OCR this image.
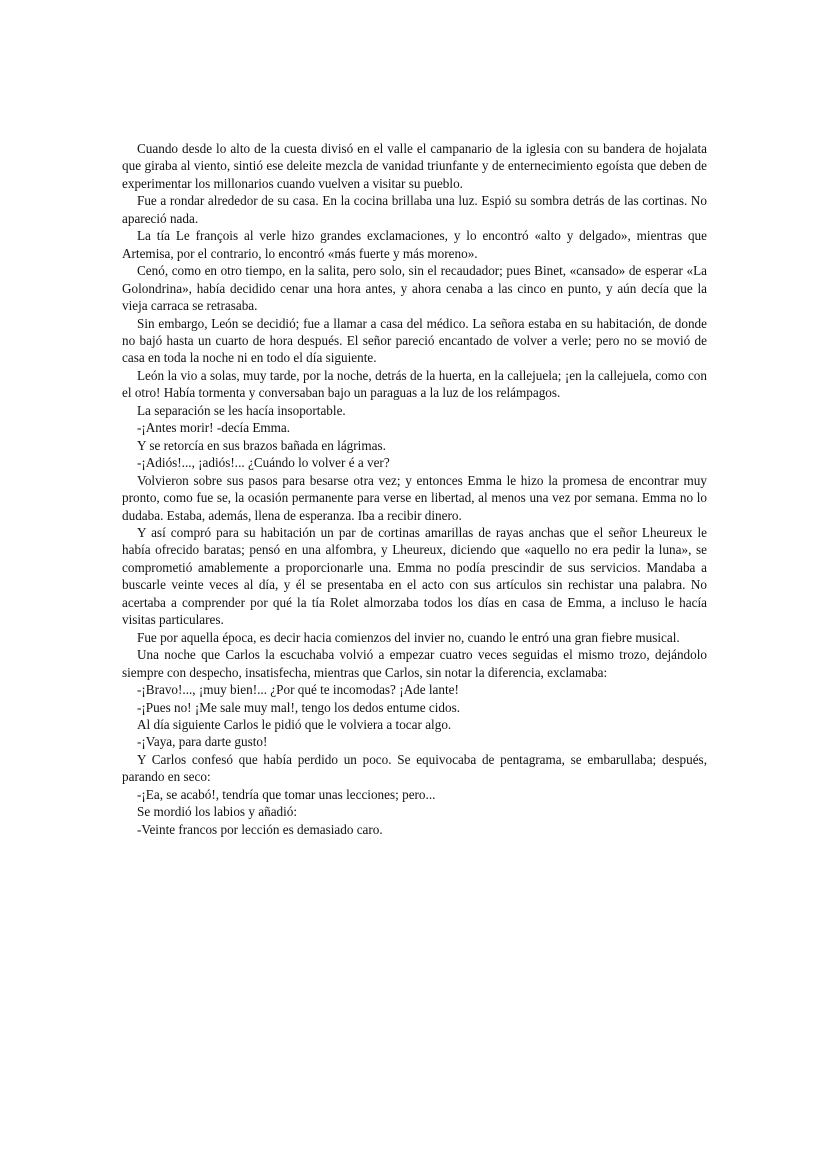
Cuando desde lo alto de la cuesta divisó en el valle el campanario de la iglesia con su bandera de hojalata que giraba al viento, sintió ese deleite mezcla de vanidad triunfante y de enternecimiento egoísta que deben de experimentar los millonarios cuando vuelven a visitar su pueblo.

Fue a rondar alrededor de su casa. En la cocina brillaba una luz. Espió su sombra detrás de las cortinas. No apareció nada.

La tía Le françois al verle hizo grandes exclamaciones, y lo encontró «alto y delgado», mientras que Artemisa, por el contrario, lo encontró «más fuerte y más moreno».

Cenó, como en otro tiempo, en la salita, pero solo, sin el recaudador; pues Binet, «cansado» de esperar «La Golondrina», había decidido cenar una hora antes, y ahora cenaba a las cinco en punto, y aún decía que la vieja carraca se retrasaba.

Sin embargo, León se decidió; fue a llamar a casa del médico. La señora estaba en su habitación, de donde no bajó hasta un cuarto de hora después. El señor pareció encantado de volver a verle; pero no se movió de casa en toda la noche ni en todo el día siguiente.

León la vio a solas, muy tarde, por la noche, detrás de la huerta, en la callejuela; ¡en la callejuela, como con el otro! Había tormenta y conversaban bajo un paraguas a la luz de los relámpagos.

La separación se les hacía insoportable.

-¡Antes morir! -decía Emma.

Y se retorcía en sus brazos bañada en lágrimas.

-¡Adiós!..., ¡adiós!... ¿Cuándo lo volver é a ver?

Volvieron sobre sus pasos para besarse otra vez; y entonces Emma le hizo la promesa de encontrar muy pronto, como fue se, la ocasión permanente para verse en libertad, al menos una vez por semana. Emma no lo dudaba. Estaba, además, llena de esperanza. Iba a recibir dinero.

Y así compró para su habitación un par de cortinas amarillas de rayas anchas que el señor Lheureux le había ofrecido baratas; pensó en una alfombra, y Lheureux, diciendo que «aquello no era pedir la luna», se comprometió amablemente a proporcionarle una. Emma no podía prescindir de sus servicios. Mandaba a buscarle veinte veces al día, y él se presentaba en el acto con sus artículos sin rechistar una palabra. No acertaba a comprender por qué la tía Rolet almorzaba todos los días en casa de Emma, a incluso le hacía visitas particulares.

Fue por aquella época, es decir hacia comienzos del invier no, cuando le entró una gran fiebre musical.

Una noche que Carlos la escuchaba volvió a empezar cuatro veces seguidas el mismo trozo, dejándolo siempre con despecho, insatisfecha, mientras que Carlos, sin notar la diferencia, exclamaba:

-¡Bravo!..., ¡muy bien!... ¿Por qué te incomodas? ¡Ade lante!

-¡Pues no! ¡Me sale muy mal!, tengo los dedos entume cidos.

Al día siguiente Carlos le pidió que le volviera a tocar algo.

-¡Vaya, para darte gusto!

Y Carlos confesó que había perdido un poco. Se equivocaba de pentagrama, se embarullaba; después, parando en seco:

-¡Ea, se acabó!, tendría que tomar unas lecciones; pero...

Se mordió los labios y añadió:

-Veinte francos por lección es demasiado caro.
